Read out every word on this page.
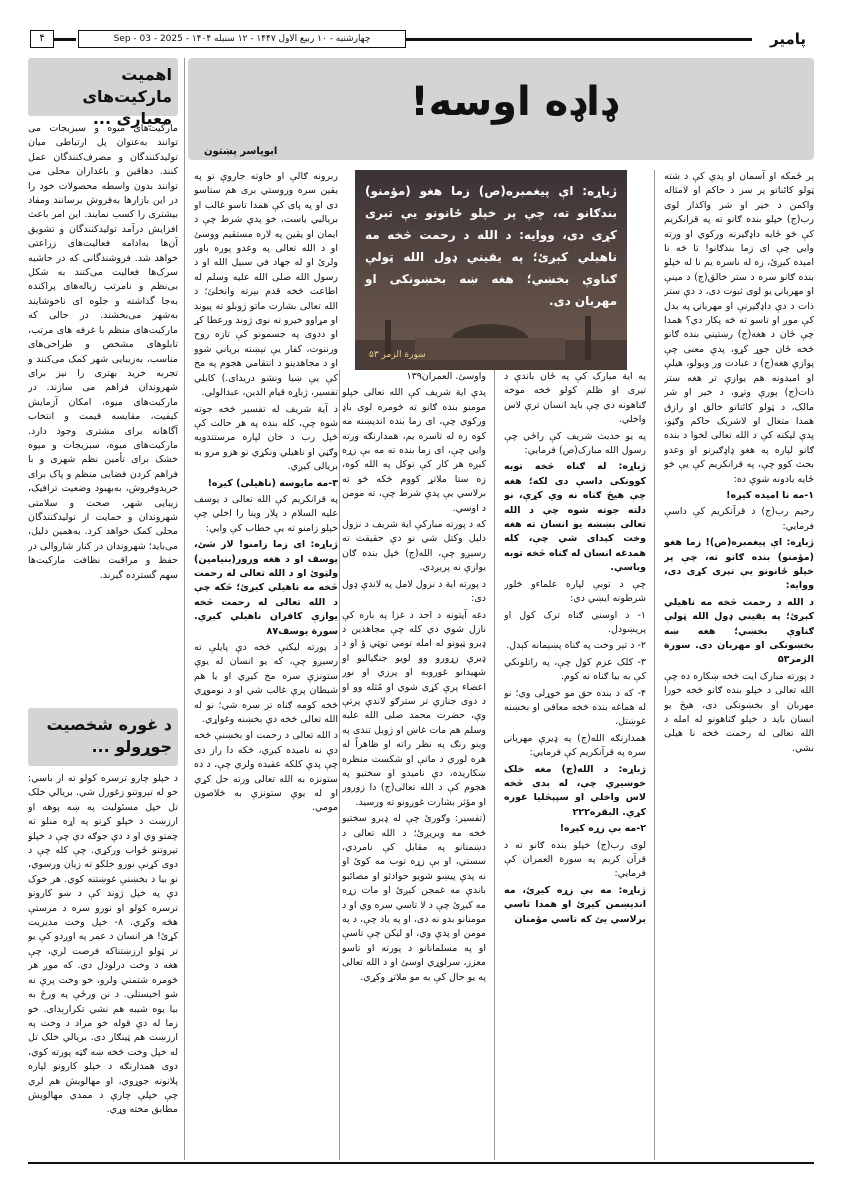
پامیر
چهارشنبه - ۱۰ ربیع الاول ۱۴۴۷ - ۱۲ سنبله ۱۴۰۴ - Sep - 03 - 2025
۴
ډاډه اوسه!
ابویاسر پښتون
ژباړه: اې پيغمبره(ص) زما هغو (مؤمنو) بندګانو ته، چې پر خپلو ځانونو يې تېرى کړى دى، ووايه: د الله د رحمت څخه مه ناهيلي کېږئ؛ په يقيني ډول الله ټولې ګناوې بخښي؛ هغه ښه بخښونکى او مهربان دى.
سورة الزمر ۵۳

پر ځمکه او آسمان او پدې کې د شته ټولو کائناتو پر سر د حاکم او لامثاله واکمن د خير او شر واکدار لوى رب(ج) خپلو بنده ګانو ته په قرانکريم کې څو ځايه داډګيرنه ورکوي او ورته وايي چې اى زما بندګانو! تا څه نا امېده کيږئ، زه له ناسره يم نا له خپلو بنده ګانو سره د ستر خالق(ج) د مينې او مهربانۍ يو لوى ثبوت دى، د دې ستر ذات د دې داډګيرنې او مهربانۍ په بدل کې موږ او تاسو ته څه پکار دي؟ همدا چې ځان د هغه(ج) رښتيني بنده ګانو څخه ځان جوړ کړو، پدې معنى چې پوازې هغه(ج) د عبادت ور وبولو، هيلې او اميدونه هم يوازې تر هغه ستر ذات(ج) پورې وتړو، د خير او شر مالک، د ټولو کائناتو خالق او رازق همدا متعال او لاشريک حاکم وګڼو، پدې ليکنه کې د الله تعالى لخوا د بنده ګانو لپاره په هغو ډاډګيرنو او وعدو بحث کوو چې، په قرانکريم کې يې څو ځايه يادونه شوې ده:

۱-مه نا امیده کیږه!

رحيم رب(ج) د قرآنکريم کې داسې فرمايي:

ژباړه: اې پيغمبره(ص)! زما هغو (مؤمنو) بنده ګانو ته، چې پر خپلو ځانونو يې تېرى کړى دى، ووايه:

د الله د رحمت څخه مه ناهيلي کېږئ؛ په يقيني ډول الله ټولې ګناوې بخښي؛ هغه ښه بخښونکى او مهربان دى. سورة الزمر۵۳

د پورته مبارک ايت څخه ښکاره ده چې الله تعالى د خپلو بنده ګانو څخه خورا مهربان او بخښونکى دى، هيڅ يو انسان بايد د خپلو ګناهونو له امله د الله تعالى له رحمت څخه نا هيلى نشي.

په اية مبارک کې په ځان باندې د تيرى او ظلم کولو څخه موخه ګناهونه دي چې بايد انسان ترې لاس واخلي.

په يو حديث شريف کې راځي چې رسول الله مبارک(ص) فرمايي:

ژباړه: له ګناه څخه توبه کوونکى داسې دى لکه؛ هغه چې هيڅ ګناه نه وي کړې، نو دلته جوته شوه چې د الله تعالى بښښه يو انسان ته هغه وخت کېداى شي چې، کله همدغه انسان له ګناه څخه توبه وباسي.

چې د توبې لپاره علماءو څلور شرطونه ايښي دي:

۱- د اوسني ګناه ترک کول او پريښودل.

۲- د تېر وخت په ګناه پښېمانه کېدل.

۳- کلک عزم کول چې، په راتلونکي کې به بيا ګناه نه کوم.

۴- که د بنده حق مو خوړلى وي؛ نو له هماغه بنده څخه معافي او بخښنه غوښتل.

همدارنګه الله(ج) په ډيرې مهربانۍ سره په قرآنکريم کې فرمايي:

ژباړه: د الله(ج) مغه خلک خوښيږي چې، له بدى څخه لاس واخلي او سپېڅليا غوره کړي. البقره۲۲۲

۲-مه بې زړه کېږه!

لوى رب(ج) خپلو بنده ګانو ته د قرآن کريم په سورة العمران کې فرمايي:

ژباړه: مه بې زړه کيږئ، مه انديښمن کيږئ او همدا تاسي برلاسي يئ که تاسي مؤمنان

واوسئ. العمران۱۳۹

پدې اية شريف کې الله تعالى خپلو مومنو بنده ګانو ته څومره لوى باډ ورکوي چې، اى زما بنده انديښنه مه کوه زه له تاسره يم، همدارنګه ورته وايي چې، اى زما بنده ته مه بې زړه کيږه هر کار کې توکل په الله کوه، زه ستا ملاتړ کووم څکه څو ته برلاسي يې پدې شرط چې، ته مومن د اوسي.

که د پورته مبارکې اية شريف د نزول دليل وکتل شي نو دې حقيقت ته رسيږو چې، الله(ج) څپل بنده ګان يوازې نه پريږدي.

د پورته اية د نزول لامل په لاندې ډول دى:

دغه آيتونه د احد د غزا په باره کې نازل شوي دي کله چې مجاهدين د ډيرو ټپونو له امله تومي توټي ؤ او د ډيرې زړورو وو لويو جنګياليو او شهيدانو غوروبه او پرزي او نور اعضاء پرې کړى شوي او مُثله وو او د دوى جنازې تر سترګو لاندې پرتې وې، حضرت محمد صلى الله عليه وسلم هم مات غاښ او ژوبل تندى په وينو رنګ په نظر راته او ظاهراً له هره لوري د ماتې او شکست منظره ښکاريده، دې ناميدو او سختيو په هجوم کې د الله تعالى(ج) دا زورور او مؤثر بشارت غوږونو ته ورسيد.

(تفسير: وګورئ چې له ډيرو سختيو څخه مه ويريږئ؛ د الله تعالى د دښمنانو په مقابل کې نامردي، سستي، او بې زړه توب مه کوئ او نه پدې پيښو شويو حوادثو او مصائبو باندې مه غمجن کيږئ او مات زړه مه کيږئ چې د لا تاسي سره وي او د مومنانو بدو نه دى، او په ياد چې، د په مومن او پدې وي، او ليکن چې تاسې او په مسلمانانو د پورته او تاسو معزز، سرلوړي اوسئ او د الله تعالى په يو حال کې به مو ملاتړ وکړي.

ربرونه ګالې او خاوته جاروې تو په يقين سره وروستي برى هم ستاسو دى او په پاى کې همدا تاسو غالب او برياليي ياست، خو پدې شرط چې د ايمان او يقين په لاره مستقيم ووسئ او د الله تعالى په وعدو پوره باور ولرئ او له جهاد في سبيل الله او د رسول الله صلى الله عليه وسلم له اطاعت څخه قدم بېرته وانخلئ؛ د الله تعالى بشارت ماتو ژوبلو ته پيوند او مړاوو خيرو ته نوى ژوند ورعطا کړ او ددوى په جسمونو کې تازه روح ورننوت، کفار يې تېښته برياني شوو او د مجاهدينو د انتقامي هجوم په مخ کې يې ښيا ونشو دريداى.) کابلي تفسير، ژباړه قيام الدين، عبدالولي.

د آية شريف له تفسير څخه جوته شوه چې، کله بنده په هر حالت کې څپل رب د خان لپاره مرستندويه وګڼي او ناهيلي ونکړي نو هرو مرو به بريالى کيږي.

۳-مه مایوسه (ناهیلی) کیږه!

په قرانکريم کې الله تعالى د يوسف عليه السلام د پلار وينا را اخلي چې خپلو زامنو ته يې خطاب کې وايي:

ژباړه: اى زما زامنو! لار شئ، يوسف او د هغه ورور(بنيامين) ولټوئ او د الله تعالى له رحمت څخه مه ناهيلي کيږئ؛ څکه چې د الله تعالى له رحمت څخه يوازې کافران ناهيلي کيږي. سورة يوسف۸۷

د پورته ليکنې څخه دې پايلې ته رسيږو چې، که يو انسان له يوې ستونزې سره مخ کيږي او يا هم شيطان پرې غالب شي او د نوموړي څخه کومه ګناه تر سره شي؛ نو له الله تعالى څخه دې بخښنه وغواړي.

د الله تعالى د رحمت او بخښنې څخه دې نه ناميده کيږي، څکه دا راز دى چې پدې کلکه عقيده ولري چې، د ده ستونزه به الله تعالى ورته حل کړي او له يوې ستونزې به څلاصون مومي.

اهمیت مارکیت‌های معیاری ...
مارکیت‌های میوه و سبزیجات می توانند به‌عنوان پل ارتباطی میان تولیدکنندگان و مصرف‌کنندگان عمل کنند. دهاقین و باغداران محلی می توانند بدون واسطه محصولات خود را در این بازارها به‌فروش برسانند ومفاد بیشتری را کسب نمایند. این امر باعث افزایش درآمد تولیدکنندگان و تشویق آن‌ها به‌ادامه فعالیت‌های زراعتی خواهد شد. فروشندگانی که در حاشیه سرک‌ها فعالیت می‌کنند به شکل بی‌نظم و نامرتب زباله‌های پراکنده به‌جا گذاشته و جلوه ای ناخوشایند به‌شهر می‌بخشند. در حالی که مارکیت‌های منظم با غرفه های مرتب، تابلوهای مشخص و طراحی‌های مناسب، به‌زیبایی شهر کمک می‌کنند و تجربه خرید بهتری را نیز برای شهروندان فراهم می سازند. در مارکیت‌های میوه، امکان آزمایش کیفیت، مقایسه قیمت و انتخاب آگاهانه برای مشتری وجود دارد. مارکیت‌های میوه، سبزیجات و میوه خشک برای تأمین نظم شهری و با فراهم کردن فضایی منظم و پاک برای خرید‌وفروش، به‌بهبود وضعیت ترافیک، زیبایی شهر، صحت و سلامتی شهروندان و حمایت از تولیدکنندگان محلی کمک خواهد کرد. به‌همین دلیل، می‌باید؛ شهروندان در کنار شاروالی در حفظ و مراقبت نظافت مارکیت‌ها سهم گسترده گیرند.
د غوره شخصيت جوړولو ...
د خپلو چارو ترسره کولو ته ار باسي: خو له تېروتنو زغورل شي. بريالي خلک تل خپل مسئوليت په ښه پوهه او ارزښت د خپلو کړنو په اړه منلو ته چمتو وي او د دې جوګه دي چې د خپلو تېروتنو ځواب ورکړي. چې کله چې د دوى کړنې نورو خلکو ته زيان ورسوي، نو بيا د بخښنې غوښتنه کوي. هر خوک دې په خپل ژوند کې د ښو کارونو ترسره کولو او نورو سره د مرستې هڅه وکړي. ۸- خپل وخت مديريت کړئ! هر انسان د عمر په اوږدو کې يو تر ټولو ارزښتناکه فرصت لري، چې هغه د وخت درلودل دي. که موږ هر څومره شتمني ولرو، خو وخت پرې نه شو اخيستلى. د نن ورځې په ورځ به بيا يوه شيبه هم نشي تکرارېداى. خو زما له دې قوله خو مراد د وخت په ارزښت هم ټينګار دى. بريالي خلک تل له خپل وخت څخه ښه ګټه پورته کوي، دوى همدارنګه د خپلو کارونو لپاره پلانونه جوړوي، او مهالويش هم لري چې خپلې چارې د ممدي مهالويش مطابق مخته وړي.
